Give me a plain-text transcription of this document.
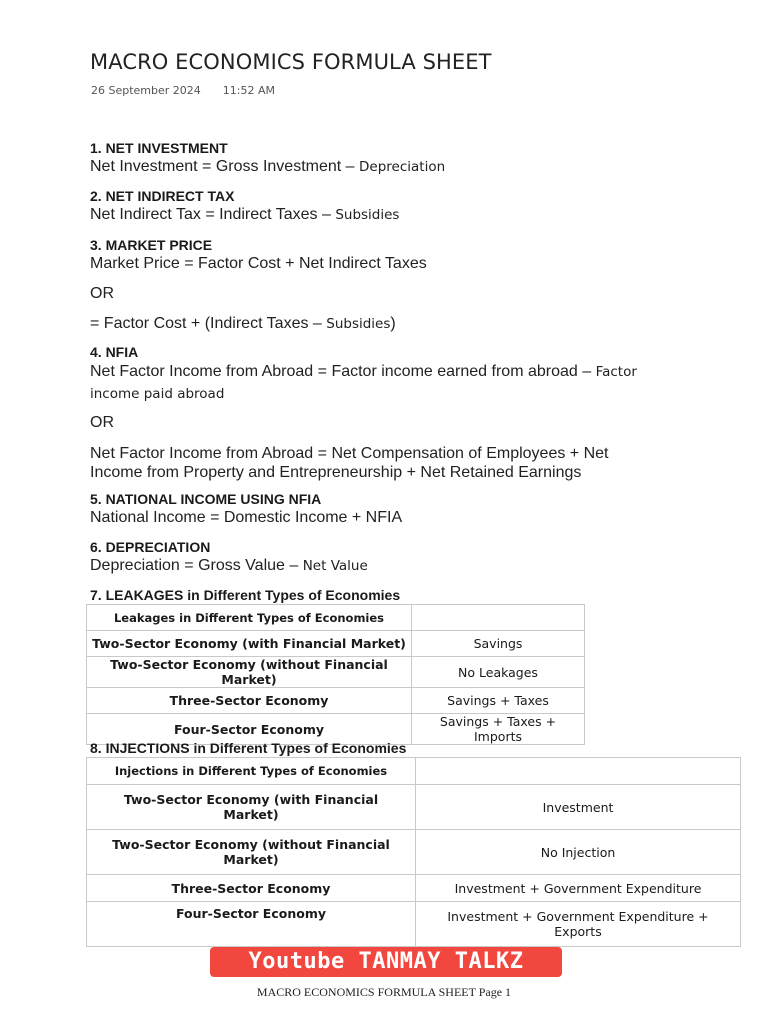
MACRO ECONOMICS FORMULA SHEET
26 September 2024 11:52 AM
1. NET INVESTMENT

Net Investment = Gross Investment – Depreciation

2. NET INDIRECT TAX

Net Indirect Tax = Indirect Taxes – Subsidies

3. MARKET PRICE

Market Price = Factor Cost + Net Indirect Taxes

OR
= Factor Cost + (Indirect Taxes – Subsidies)
4. NFIA

Net Factor Income from Abroad = Factor income earned from abroad – Factor income paid abroad

OR
Net Factor Income from Abroad = Net Compensation of Employees + Net Income from Property and Entrepreneurship + Net Retained Earnings
5. NATIONAL INCOME USING NFIA

National Income = Domestic Income + NFIA

6. DEPRECIATION

Depreciation = Gross Value – Net Value

7. LEAKAGES in Different Types of Economies
Leakages in Different Types of Economies	
Two-Sector Economy (with Financial Market)	Savings
Two-Sector Economy (without Financial Market)	No Leakages
Three-Sector Economy	Savings + Taxes
Four-Sector Economy	Savings + Taxes + Imports
8. INJECTIONS in Different Types of Economies
Injections in Different Types of Economies	
Two-Sector Economy (with Financial Market)	Investment
Two-Sector Economy (without Financial Market)	No Injection
Three-Sector Economy	Investment + Government Expenditure
Four-Sector Economy	Investment + Government Expenditure + Exports
Youtube TANMAY TALKZ
MACRO ECONOMICS FORMULA SHEET Page 1
